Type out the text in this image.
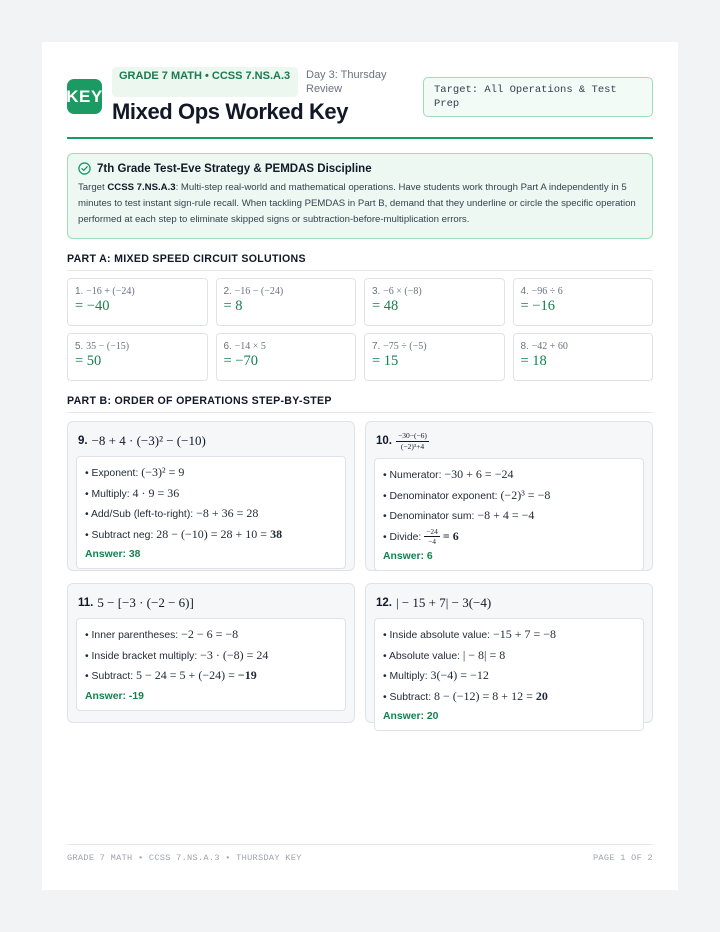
KEY
GRADE 7 MATH • CCSS 7.NS.A.3	Day 3: Thursday Review
Mixed Ops Worked Key
Target: All Operations & Test Prep
7th Grade Test-Eve Strategy & PEMDAS Discipline
Target CCSS 7.NS.A.3: Multi-step real-world and mathematical operations. Have students work through Part A independently in 5 minutes to test instant sign-rule recall. When tackling PEMDAS in Part B, demand that they underline or circle the specific operation performed at each step to eliminate skipped signs or subtraction-before-multiplication errors.
PART A: MIXED SPEED CIRCUIT SOLUTIONS
1. −16 + (−24)
= −40
2. −16 − (−24)
= 8
3. −6 × (−8)
= 48
4. −96 ÷ 6
= −16
5. 35 − (−15)
= 50
6. −14 × 5
= −70
7. −75 ÷ (−5)
= 15
8. −42 + 60
= 18
PART B: ORDER OF OPERATIONS STEP-BY-STEP
9. −8 + 4 · (−3)² − (−10)
• Exponent: (−3)² = 9
• Multiply: 4 · 9 = 36
• Add/Sub (left-to-right): −8 + 36 = 28
• Subtract neg: 28 − (−10) = 28 + 10 = 38
Answer: 38
10. $\frac{-30-(-6)}{\text{(−2)³+4}}$
• Numerator: −30 + 6 = −24
• Denominator exponent: (−2)³ = −8
• Denominator sum: −8 + 4 = −4
• Divide: $\frac{-24}{-4} = 6$
Answer: 6
11. 5 − [−3 · (−2 − 6)]
• Inner parentheses: −2 − 6 = −8
• Inside bracket multiply: −3 · (−8) = 24
• Subtract: 5 − 24 = 5 + (−24) = −19
Answer: -19
12. | − 15 + 7| − 3(−4)
• Inside absolute value: −15 + 7 = −8
• Absolute value: | − 8| = 8
• Multiply: 3(−4) = −12
• Subtract: 8 − (−12) = 8 + 12 = 20
Answer: 20
GRADE 7 MATH • CCSS 7.NS.A.3 • THURSDAY KEY	PAGE 1 OF 2
